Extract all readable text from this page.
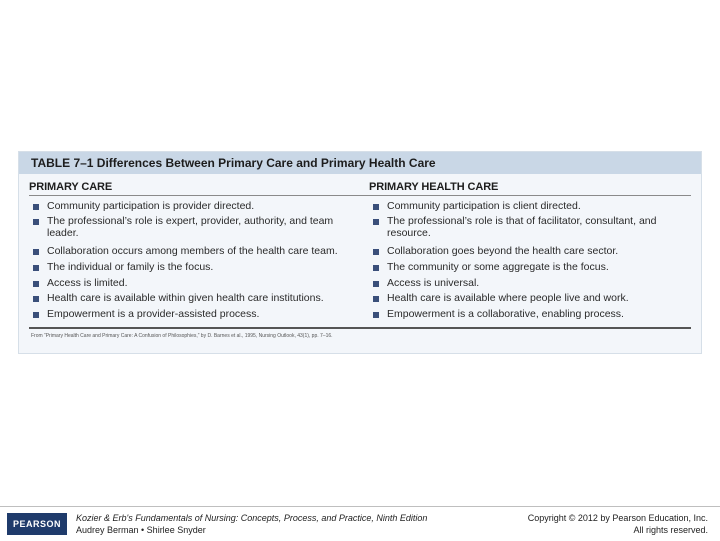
TABLE 7–1 Differences Between Primary Care and Primary Health Care
PRIMARY CARE	PRIMARY HEALTH CARE
Community participation is provider directed.
The professional’s role is expert, provider, authority, and team leader.
Collaboration occurs among members of the health care team.
The individual or family is the focus.
Access is limited.
Health care is available within given health care institutions.
Empowerment is a provider-assisted process.
Community participation is client directed.
The professional’s role is that of facilitator, consultant, and resource.
Collaboration goes beyond the health care sector.
The community or some aggregate is the focus.
Access is universal.
Health care is available where people live and work.
Empowerment is a collaborative, enabling process.
From “Primary Health Care and Primary Care: A Confusion of Philosophies,” by D. Barnes et al., 1995, Nursing Outlook, 43(1), pp. 7–16.
PEARSON
Kozier & Erb's Fundamentals of Nursing: Concepts, Process, and Practice, Ninth Edition
Audrey Berman • Shirlee Snyder
Copyright © 2012 by Pearson Education, Inc.
All rights reserved.
